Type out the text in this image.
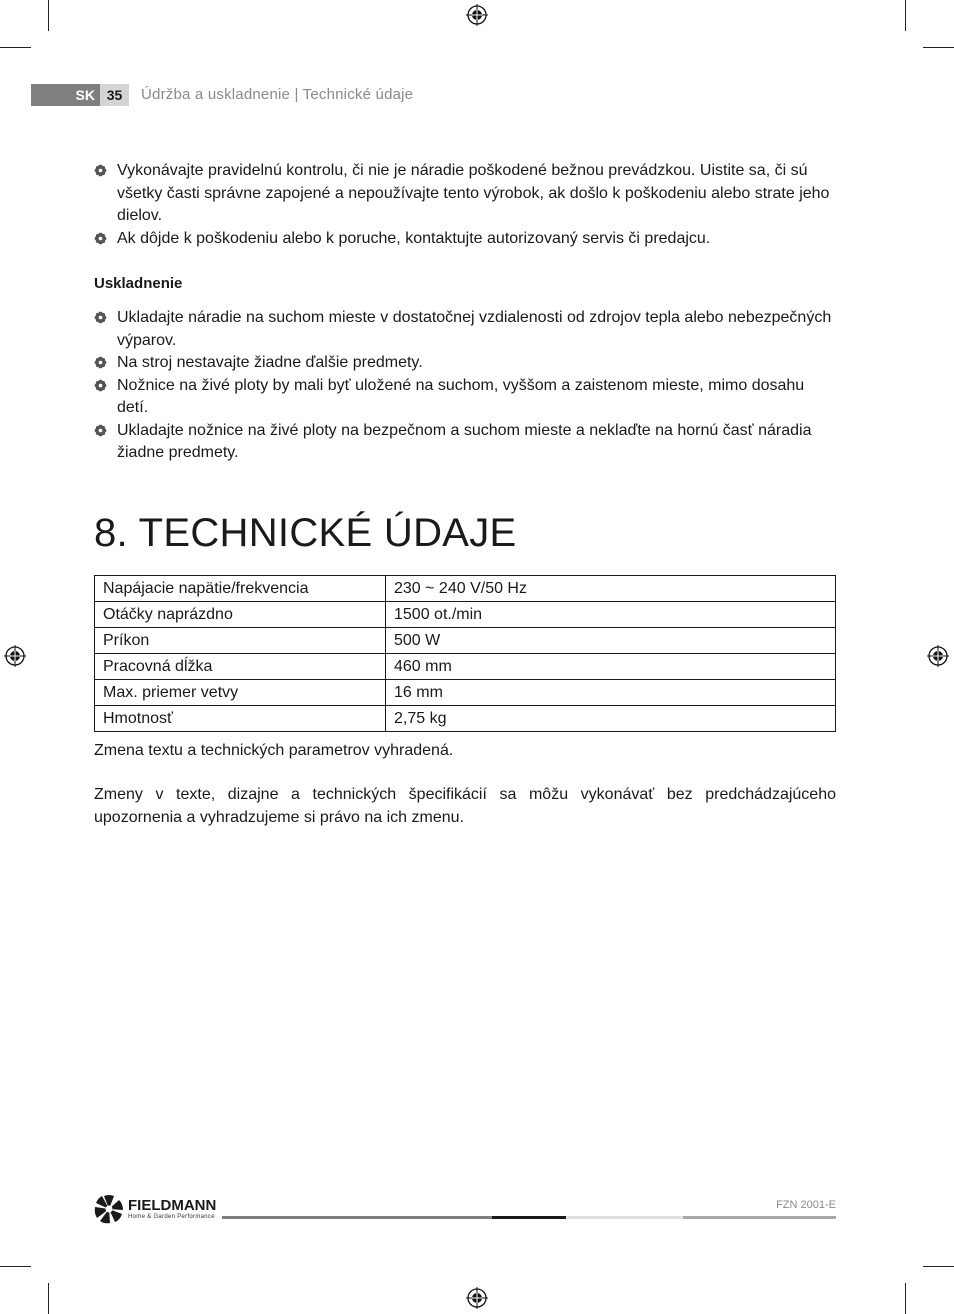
SK 35	Údržba a uskladnenie | Technické údaje
Vykonávajte pravidelnú kontrolu, či nie je náradie poškodené bežnou prevádzkou. Uistite sa, či sú všetky časti správne zapojené a nepoužívajte tento výrobok, ak došlo k poškodeniu alebo strate jeho dielov.
Ak dôjde k poškodeniu alebo k poruche, kontaktujte autorizovaný servis či predajcu.
Uskladnenie
Ukladajte náradie na suchom mieste v dostatočnej vzdialenosti od zdrojov tepla alebo nebezpečných výparov.
Na stroj nestavajte žiadne ďalšie predmety.
Nožnice na živé ploty by mali byť uložené na suchom, vyššom a zaistenom mieste, mimo dosahu detí.
Ukladajte nožnice na živé ploty na bezpečnom a suchom mieste a neklaďte na hornú časť náradia žiadne predmety.
8. TECHNICKÉ ÚDAJE
Napájacie napätie/frekvencia	230 ~ 240 V/50 Hz
Otáčky naprázdno	1500 ot./min
Príkon	500 W
Pracovná dĺžka	460 mm
Max. priemer vetvy	16 mm
Hmotnosť	2,75 kg

Zmena textu a technických parametrov vyhradená.

Zmeny v texte, dizajne a technických špecifikácií sa môžu vykonávať bez predchádzajúceho upozornenia a vyhradzujeme si právo na ich zmenu.

FIELDMANN
Home & Garden Performance
FZN 2001-E
